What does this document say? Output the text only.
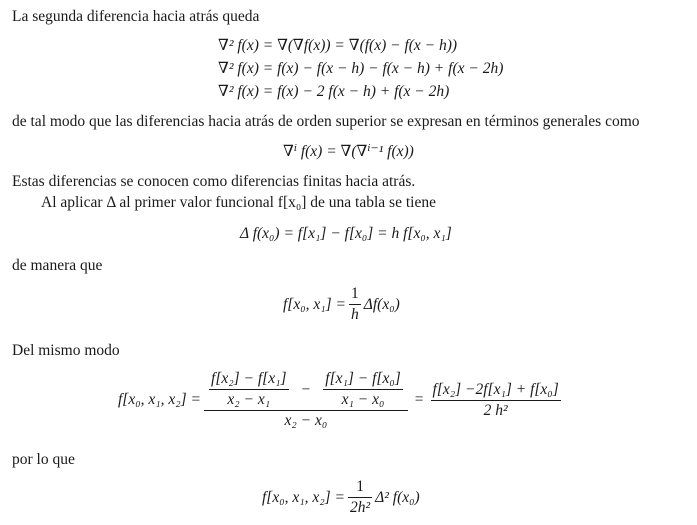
La segunda diferencia hacia atrás queda
∇² f(x) = ∇(∇f(x)) = ∇(f(x) − f(x − h))
∇² f(x) = f(x) − f(x − h) − f(x − h) + f(x − 2h)
∇² f(x) = f(x) − 2 f(x − h) + f(x − 2h)
de tal modo que las diferencias hacia atrás de orden superior se expresan en términos generales como
∇ⁱ f(x) = ∇(∇ⁱ⁻¹ f(x))
Estas diferencias se conocen como diferencias finitas hacia atrás.
Al aplicar Δ al primer valor funcional f[x₀] de una tabla se tiene
Δ f(x₀) = f[x₁] − f[x₀] = h f[x₀, x₁]
de manera que
f[x₀, $x_1] = \frac{1}{h} \Delta f(x_0)$
Del mismo modo
f[x₀, x₁, $x_2] = \frac{\text{f[x₂] − f[x₁]}}{\text{x₂ − x₁}} - \frac{\text{f[x₁] − f[x₀]}}{\text{x₁ − x₀}}$
x₂ − x₀
= $\frac{\text{f[x₂] −2f[x₁] + f[x₀]}}{\text{2 h²}}$
por lo que
f[x₀, x₁, $x_2] = \frac{1}{\text{2h²}} \Delta^2$ f(x₀)
